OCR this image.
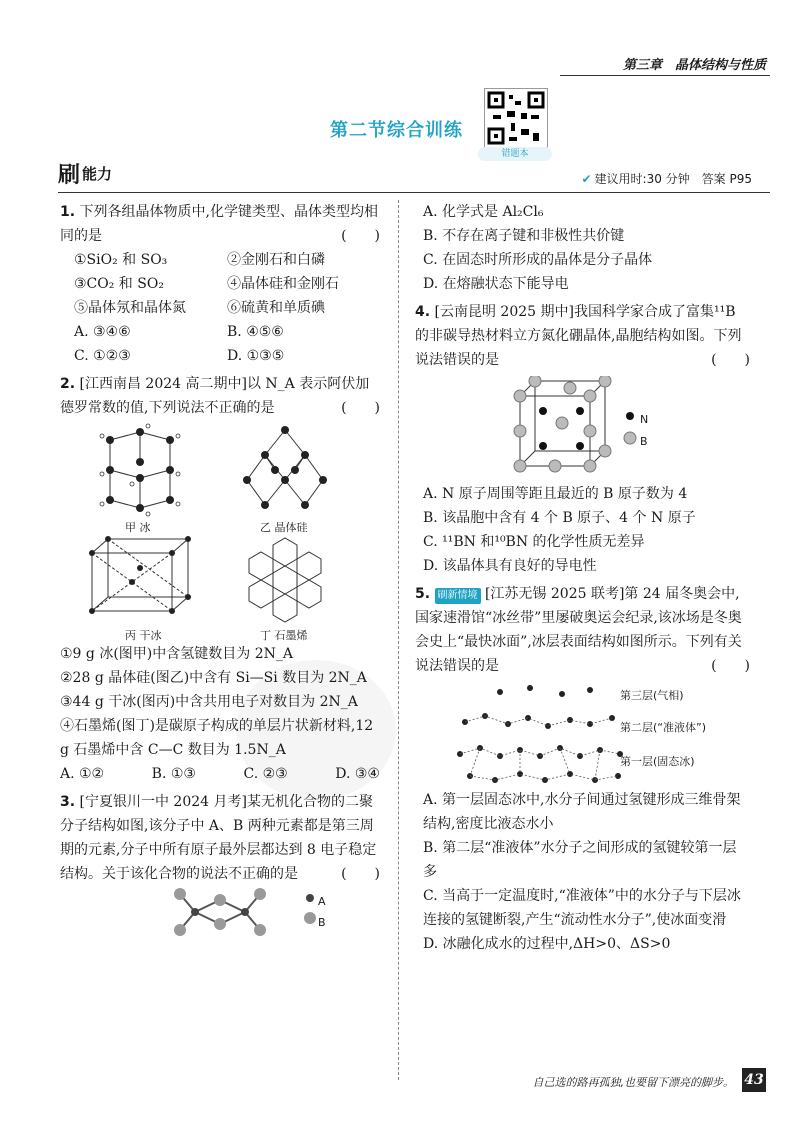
第三章　晶体结构与性质
第二节综合训练
错题本
刷 能力	✔ 建议用时:30 分钟　答案 P95

1. 下列各组晶体物质中,化学键类型、晶体类型均相同的是	(　　)

①SiO₂ 和 SO₃	②金刚石和白磷
③CO₂ 和 SO₂	④晶体硅和金刚石
⑤晶体氖和晶体氮	⑥硫黄和单质碘
A. ③④⑥	B. ④⑤⑥
C. ①②③	D. ①③⑤

2. [江西南昌 2024 高二期中]以 N_A 表示阿伏加德罗常数的值,下列说法不正确的是	(　　)

甲 冰	乙 晶体硅
丙 干冰	丁 石墨烯

①9 g 冰(图甲)中含氢键数目为 2N_A

②28 g 晶体硅(图乙)中含有 Si—Si 数目为 2N_A

③44 g 干冰(图丙)中含共用电子对数目为 2N_A

④石墨烯(图丁)是碳原子构成的单层片状新材料,12 g 石墨烯中含 C—C 数目为 1.5N_A

A. ①②	B. ①③	C. ②③	D. ③④

3. [宁夏银川一中 2024 月考]某无机化合物的二聚分子结构如图,该分子中 A、B 两种元素都是第三周期的元素,分子中所有原子最外层都达到 8 电子稳定结构。关于该化合物的说法不正确的是	(　　)

A
B

A. 化学式是 Al₂Cl₆

B. 不存在离子键和非极性共价键

C. 在固态时所形成的晶体是分子晶体

D. 在熔融状态下能导电

4. [云南昆明 2025 期中]我国科学家合成了富集¹¹B 的非碳导热材料立方氮化硼晶体,晶胞结构如图。下列说法错误的是	(　　)

N
B

A. N 原子周围等距且最近的 B 原子数为 4

B. 该晶胞中含有 4 个 B 原子、4 个 N 原子

C. ¹¹BN 和¹⁰BN 的化学性质无差异

D. 该晶体具有良好的导电性

5. 刷新情境 [江苏无锡 2025 联考]第 24 届冬奥会中,国家速滑馆“冰丝带”里屡破奥运会纪录,该冰场是冬奥会史上“最快冰面”,冰层表面结构如图所示。下列有关说法错误的是	(　　)

第三层(气相)
第二层(“准液体”)
第一层(固态冰)

A. 第一层固态冰中,水分子间通过氢键形成三维骨架结构,密度比液态水小

B. 第二层“准液体”水分子之间形成的氢键较第一层多

C. 当高于一定温度时,“准液体”中的水分子与下层冰连接的氢键断裂,产生“流动性水分子”,使冰面变滑

D. 冰融化成水的过程中,ΔH>0、ΔS>0

自己选的路再孤独,也要留下漂亮的脚步。 43
